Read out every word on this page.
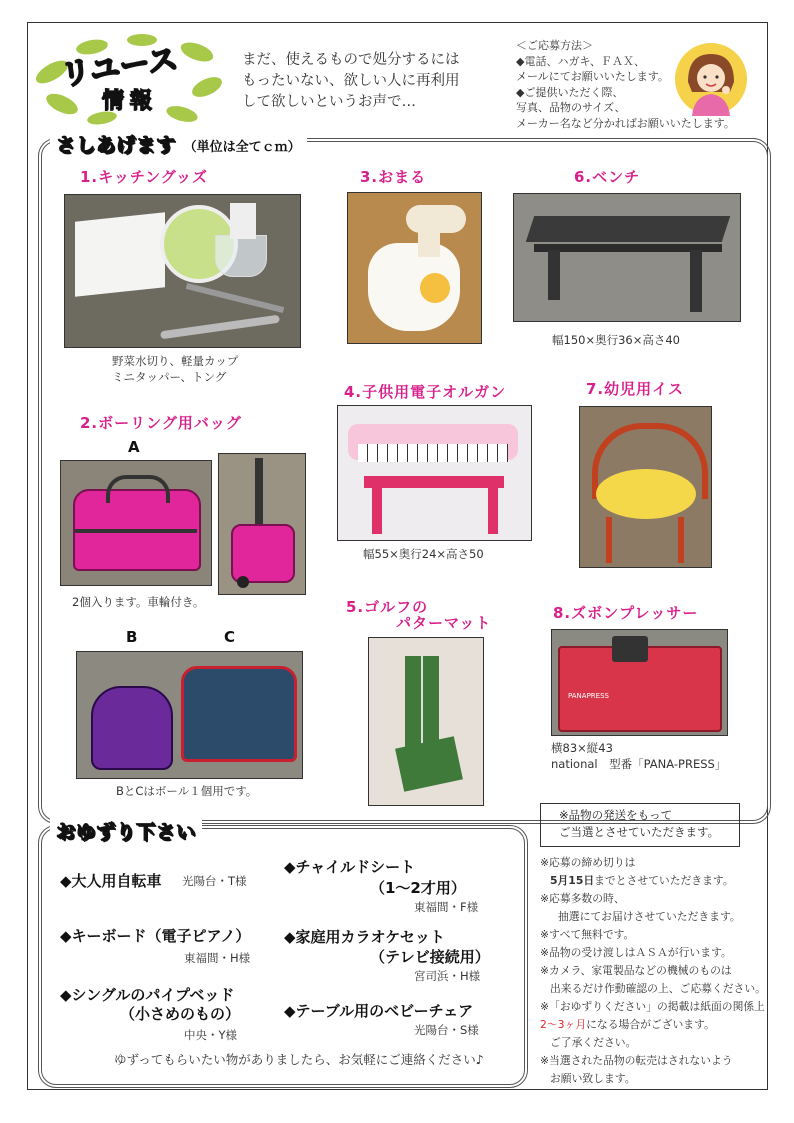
リユース
情報
まだ、使えるもので処分するには
もったいない、欲しい人に再利用
して欲しいというお声で…
＜ご応募方法＞
◆電話、ハガキ、ＦＡＸ、
メールにてお願いいたします。
◆ご提供いただく際、
写真、品物のサイズ、
メーカー名など分かればお願いいたします。
さしあげます （単位は全てｃｍ）
1.キッチングッズ
野菜水切り、軽量カップ
ミニタッパー、トング
2.ボーリング用バッグ
A
2個入ります。車輪付き。
B	C
BとCはボール１個用です。
3.おまる
4.子供用電子オルガン
幅55×奥行24×高さ50
5.ゴルフの
パターマット
6.ベンチ
幅150×奥行36×高さ40
7.幼児用イス
8.ズボンプレッサー
PANAPRESS
横83×縦43
national　型番「PANA-PRESS」
※品物の発送をもって
ご当選とさせていただきます。
おゆずり下さい
◆大人用自転車 光陽台・T様
◆キーボード（電子ピアノ）
東福間・H様
◆シングルのパイプベッド
（小さめのもの）
中央・Y様
◆チャイルドシート
（1～2才用）
東福間・F様
◆家庭用カラオケセット
（テレビ接続用）
宮司浜・H様
◆テーブル用のベビーチェア
光陽台・S様
ゆずってもらいたい物がありましたら、お気軽にご連絡ください♪
※応募の締め切りは
5月15日までとさせていただきます。
※応募多数の時、
抽選にてお届けさせていただきます。
※すべて無料です。
※品物の受け渡しはＡＳＡが行います。
※カメラ、家電製品などの機械のものは
出来るだけ作動確認の上、ご応募ください。
※「おゆずりください」の掲載は紙面の関係上
2～3ヶ月になる場合がございます。
ご了承ください。
※当選された品物の転売はされないよう
お願い致します。
